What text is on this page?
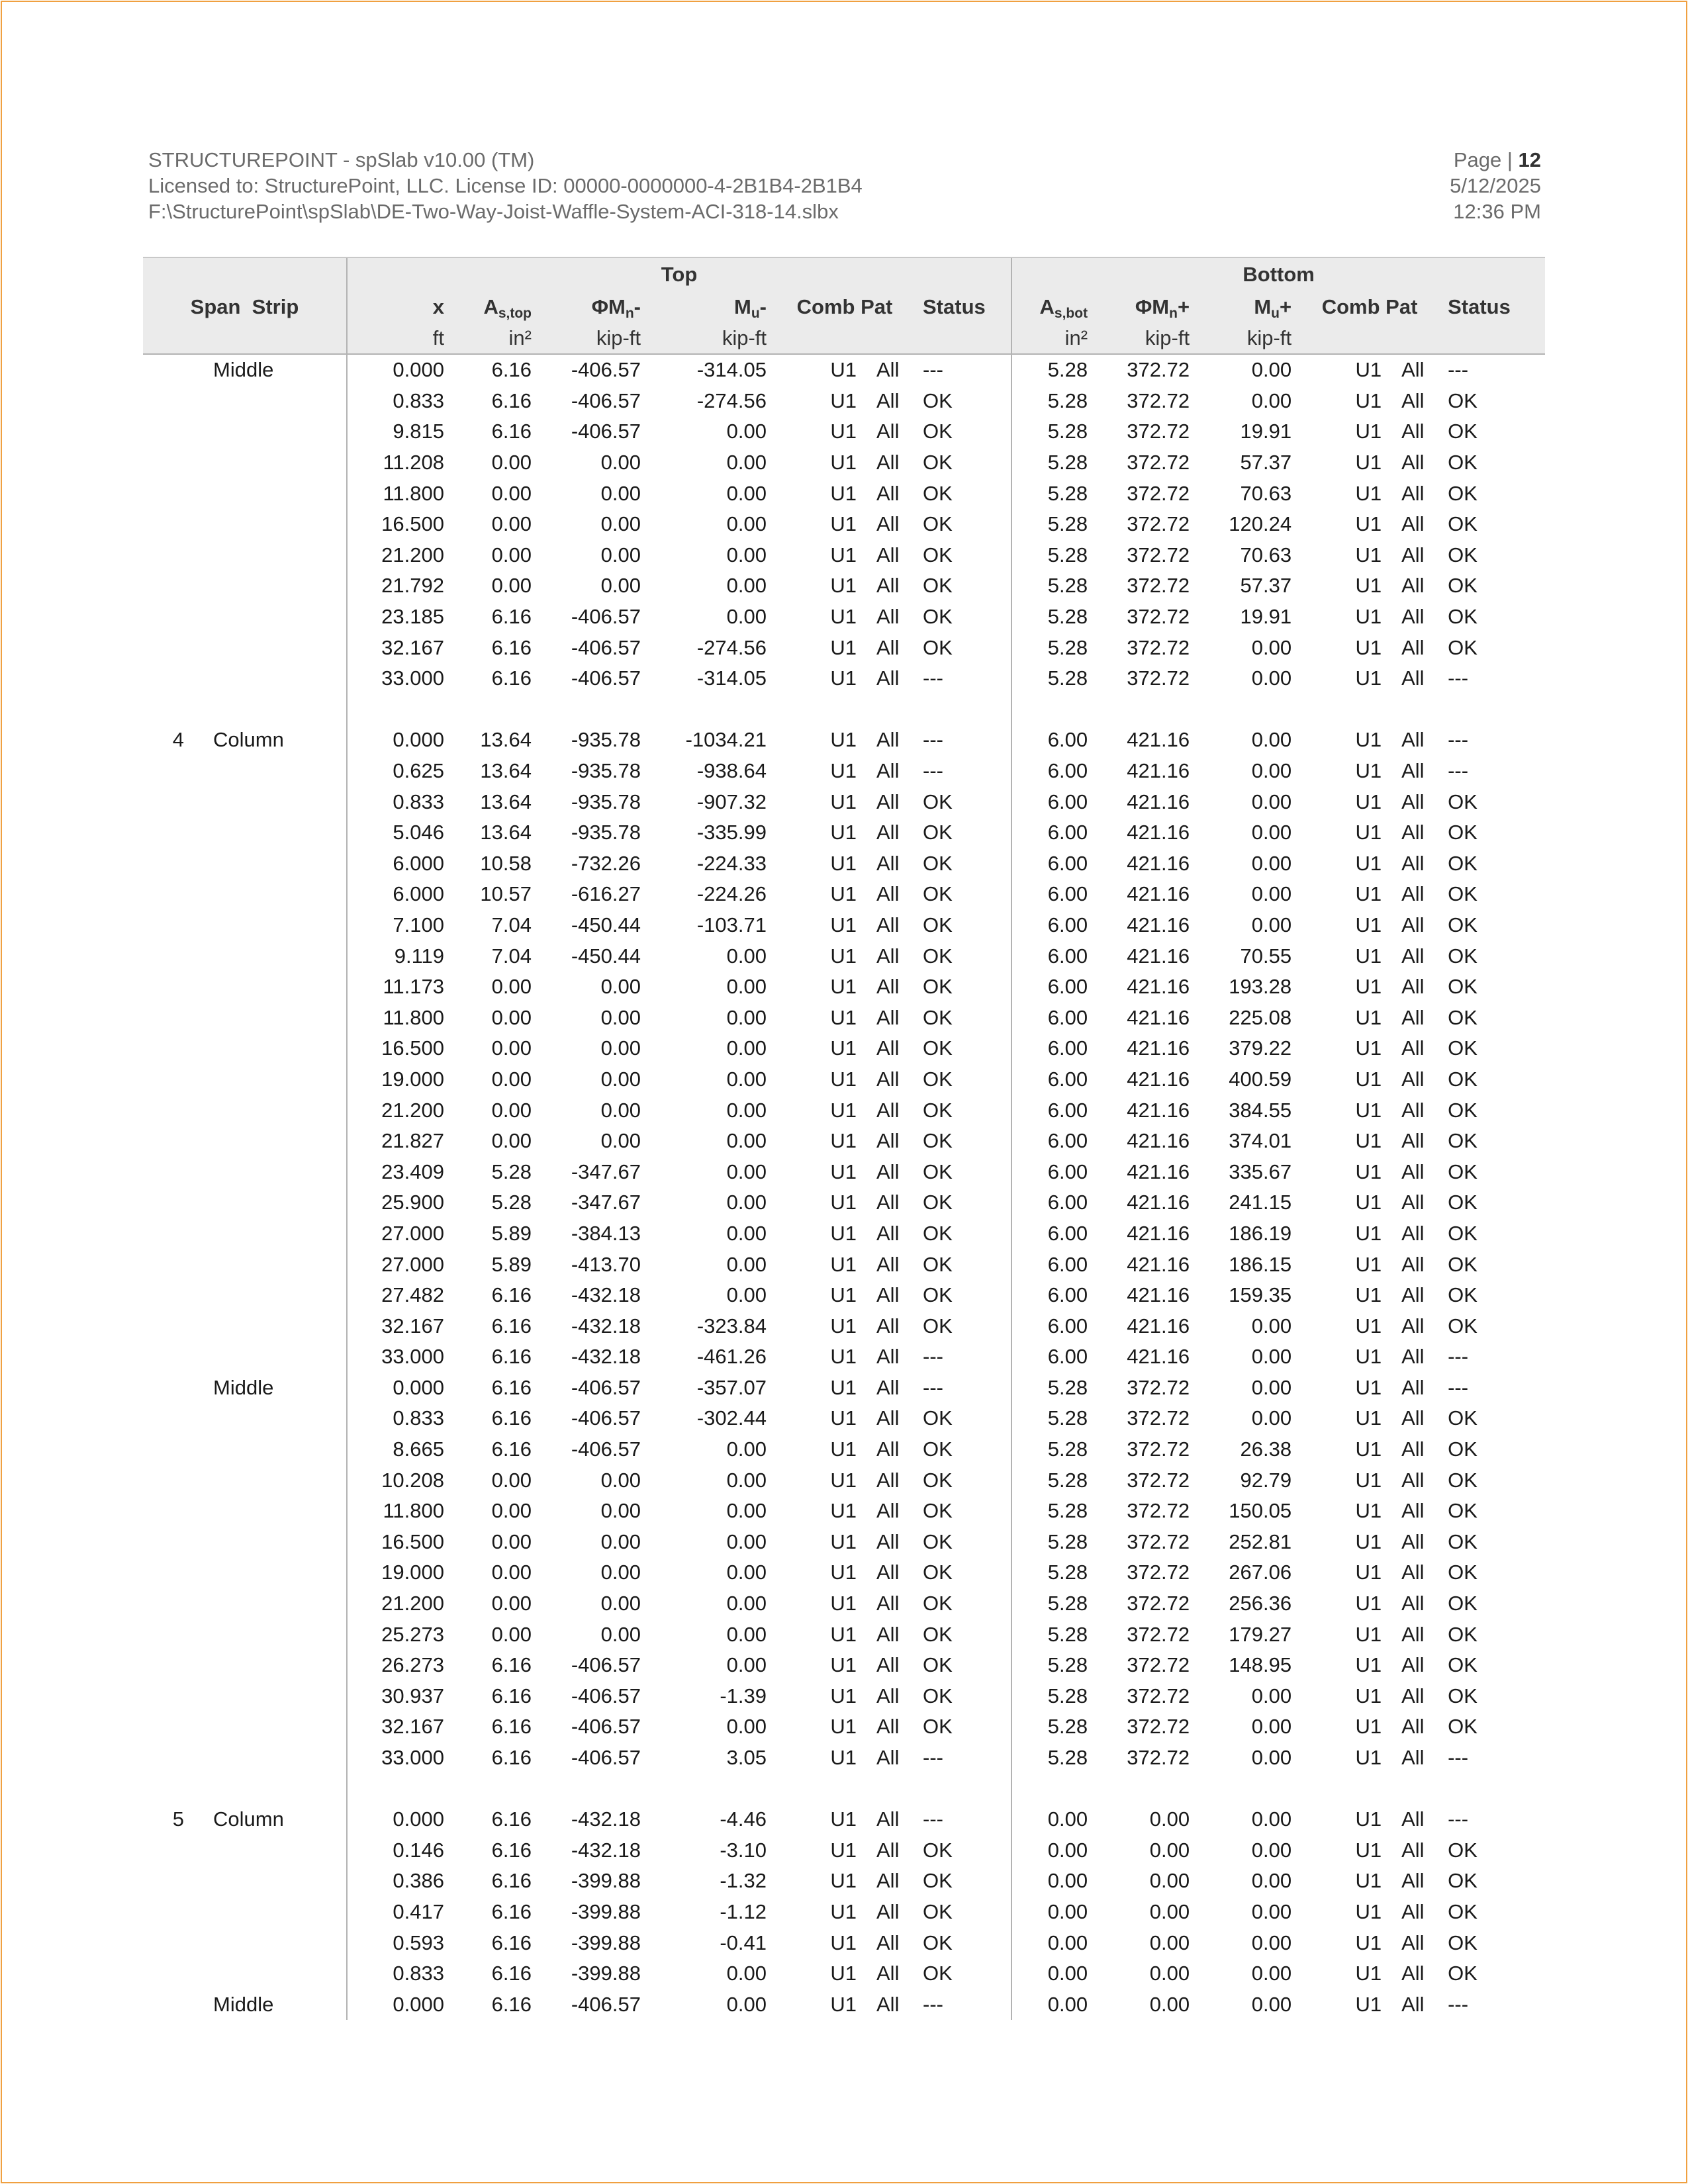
STRUCTUREPOINT - spSlab v10.00 (TM)
Licensed to: StructurePoint, LLC. License ID: 00000-0000000-4-2B1B4-2B1B4
F:\StructurePoint\spSlab\DE-Two-Way-Joist-Waffle-System-ACI-318-14.slbx
Page | 12
5/12/2025
12:36 PM
		Top							Bottom					
Span  Strip		x	$A_{s,top}$	$\Phi M_n-$	$M_u-$	Comb Pat		Status	$A_{s,bot}$	$\Phi M_n+$	$M_u+$	Comb Pat		Status
		ft	in²	kip-ft	kip-ft				in²	kip-ft	kip-ft			
	Middle	0.000	6.16	-406.57	-314.05	U1	All	---	5.28	372.72	0.00	U1	All	---
		0.833	6.16	-406.57	-274.56	U1	All	OK	5.28	372.72	0.00	U1	All	OK
		9.815	6.16	-406.57	0.00	U1	All	OK	5.28	372.72	19.91	U1	All	OK
		11.208	0.00	0.00	0.00	U1	All	OK	5.28	372.72	57.37	U1	All	OK
		11.800	0.00	0.00	0.00	U1	All	OK	5.28	372.72	70.63	U1	All	OK
		16.500	0.00	0.00	0.00	U1	All	OK	5.28	372.72	120.24	U1	All	OK
		21.200	0.00	0.00	0.00	U1	All	OK	5.28	372.72	70.63	U1	All	OK
		21.792	0.00	0.00	0.00	U1	All	OK	5.28	372.72	57.37	U1	All	OK
		23.185	6.16	-406.57	0.00	U1	All	OK	5.28	372.72	19.91	U1	All	OK
		32.167	6.16	-406.57	-274.56	U1	All	OK	5.28	372.72	0.00	U1	All	OK
		33.000	6.16	-406.57	-314.05	U1	All	---	5.28	372.72	0.00	U1	All	---

4	Column	0.000	13.64	-935.78	-1034.21	U1	All	---	6.00	421.16	0.00	U1	All	---
		0.625	13.64	-935.78	-938.64	U1	All	---	6.00	421.16	0.00	U1	All	---
		0.833	13.64	-935.78	-907.32	U1	All	OK	6.00	421.16	0.00	U1	All	OK
		5.046	13.64	-935.78	-335.99	U1	All	OK	6.00	421.16	0.00	U1	All	OK
		6.000	10.58	-732.26	-224.33	U1	All	OK	6.00	421.16	0.00	U1	All	OK
		6.000	10.57	-616.27	-224.26	U1	All	OK	6.00	421.16	0.00	U1	All	OK
		7.100	7.04	-450.44	-103.71	U1	All	OK	6.00	421.16	0.00	U1	All	OK
		9.119	7.04	-450.44	0.00	U1	All	OK	6.00	421.16	70.55	U1	All	OK
		11.173	0.00	0.00	0.00	U1	All	OK	6.00	421.16	193.28	U1	All	OK
		11.800	0.00	0.00	0.00	U1	All	OK	6.00	421.16	225.08	U1	All	OK
		16.500	0.00	0.00	0.00	U1	All	OK	6.00	421.16	379.22	U1	All	OK
		19.000	0.00	0.00	0.00	U1	All	OK	6.00	421.16	400.59	U1	All	OK
		21.200	0.00	0.00	0.00	U1	All	OK	6.00	421.16	384.55	U1	All	OK
		21.827	0.00	0.00	0.00	U1	All	OK	6.00	421.16	374.01	U1	All	OK
		23.409	5.28	-347.67	0.00	U1	All	OK	6.00	421.16	335.67	U1	All	OK
		25.900	5.28	-347.67	0.00	U1	All	OK	6.00	421.16	241.15	U1	All	OK
		27.000	5.89	-384.13	0.00	U1	All	OK	6.00	421.16	186.19	U1	All	OK
		27.000	5.89	-413.70	0.00	U1	All	OK	6.00	421.16	186.15	U1	All	OK
		27.482	6.16	-432.18	0.00	U1	All	OK	6.00	421.16	159.35	U1	All	OK
		32.167	6.16	-432.18	-323.84	U1	All	OK	6.00	421.16	0.00	U1	All	OK
		33.000	6.16	-432.18	-461.26	U1	All	---	6.00	421.16	0.00	U1	All	---
	Middle	0.000	6.16	-406.57	-357.07	U1	All	---	5.28	372.72	0.00	U1	All	---
		0.833	6.16	-406.57	-302.44	U1	All	OK	5.28	372.72	0.00	U1	All	OK
		8.665	6.16	-406.57	0.00	U1	All	OK	5.28	372.72	26.38	U1	All	OK
		10.208	0.00	0.00	0.00	U1	All	OK	5.28	372.72	92.79	U1	All	OK
		11.800	0.00	0.00	0.00	U1	All	OK	5.28	372.72	150.05	U1	All	OK
		16.500	0.00	0.00	0.00	U1	All	OK	5.28	372.72	252.81	U1	All	OK
		19.000	0.00	0.00	0.00	U1	All	OK	5.28	372.72	267.06	U1	All	OK
		21.200	0.00	0.00	0.00	U1	All	OK	5.28	372.72	256.36	U1	All	OK
		25.273	0.00	0.00	0.00	U1	All	OK	5.28	372.72	179.27	U1	All	OK
		26.273	6.16	-406.57	0.00	U1	All	OK	5.28	372.72	148.95	U1	All	OK
		30.937	6.16	-406.57	-1.39	U1	All	OK	5.28	372.72	0.00	U1	All	OK
		32.167	6.16	-406.57	0.00	U1	All	OK	5.28	372.72	0.00	U1	All	OK
		33.000	6.16	-406.57	3.05	U1	All	---	5.28	372.72	0.00	U1	All	---

5	Column	0.000	6.16	-432.18	-4.46	U1	All	---	0.00	0.00	0.00	U1	All	---
		0.146	6.16	-432.18	-3.10	U1	All	OK	0.00	0.00	0.00	U1	All	OK
		0.386	6.16	-399.88	-1.32	U1	All	OK	0.00	0.00	0.00	U1	All	OK
		0.417	6.16	-399.88	-1.12	U1	All	OK	0.00	0.00	0.00	U1	All	OK
		0.593	6.16	-399.88	-0.41	U1	All	OK	0.00	0.00	0.00	U1	All	OK
		0.833	6.16	-399.88	0.00	U1	All	OK	0.00	0.00	0.00	U1	All	OK
	Middle	0.000	6.16	-406.57	0.00	U1	All	---	0.00	0.00	0.00	U1	All	---
